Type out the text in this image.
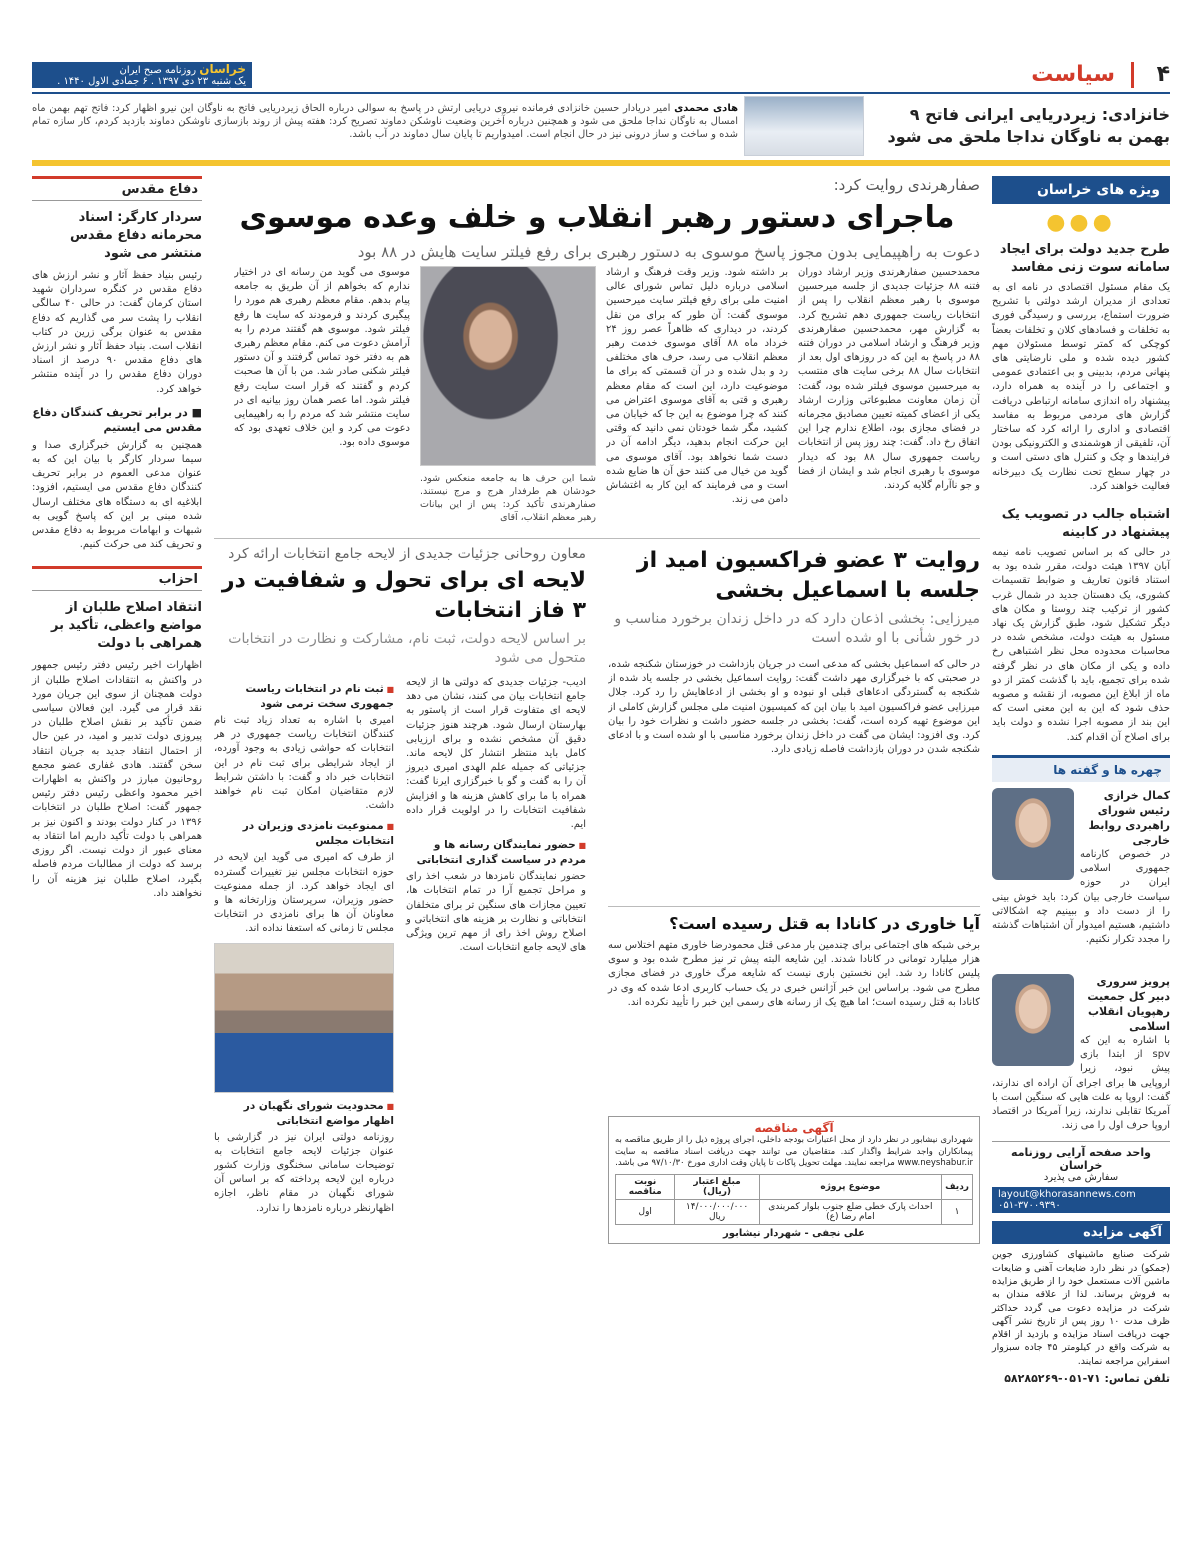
۴
سیاست
خراسان روزنامه صبح ایران
یک شنبه ۲۳ دی ۱۳۹۷ . ۶ جمادی الاول ۱۴۴۰ .
خانزادی: زیردریایی ایرانی فاتح ۹ بهمن به ناوگان نداجا ملحق می شود
هادی محمدی امیر دریادار حسین خانزادی فرمانده نیروی دریایی ارتش در پاسخ به سوالی درباره الحاق زیردریایی فاتح به ناوگان این نیرو اظهار کرد: فاتح تهم بهمن ماه امسال به ناوگان نداجا ملحق می شود و همچنین درباره آخرین وضعیت ناوشکن دماوند تصریح کرد: هفته پیش از روند بازسازی ناوشکن دماوند بازدید کردم، کار سازه تمام شده و ساخت و ساز درونی نیز در حال انجام است. امیدواریم تا پایان سال دماوند در آب باشد.
ویژه های خراسان
●●●
طرح جدید دولت برای ایجاد سامانه سوت زنی مفاسد
یک مقام مسئول اقتصادی در نامه ای به تعدادی از مدیران ارشد دولتی با تشریح ضرورت استماع، بررسی و رسیدگی فوری به تخلفات و فسادهای کلان و تخلفات بعضاً کوچکی که کمتر توسط مسئولان مهم کشور دیده شده و ملی نارضایتی های پنهانی مردم، بدبینی و بی اعتمادی عمومی و اجتماعی را در آینده به همراه دارد، پیشنهاد راه اندازی سامانه ارتباطی دریافت گزارش های مردمی مربوط به مفاسد اقتصادی و اداری را ارائه کرد که ساختار آن، تلفیقی از هوشمندی و الکترونیکی بودن فرایندها و چک و کنترل های دستی است و در چهار سطح تحت نظارت یک دبیرخانه فعالیت خواهند کرد.
اشتباه جالب در تصویب یک پیشنهاد در کابینه
در حالی که بر اساس تصویب نامه نیمه آبان ۱۳۹۷ هیئت دولت، مقرر شده بود به استناد قانون تعاریف و ضوابط تقسیمات کشوری، یک دهستان جدید در شمال غرب کشور از ترکیب چند روستا و مکان های دیگر تشکیل شود، طبق گزارش یک نهاد مسئول به هیئت دولت، مشخص شده در محاسبات محدوده محل نظر اشتباهی رخ داده و یکی از مکان های در نظر گرفته شده برای تجمیع، باید با گذشت کمتر از دو ماه از ابلاغ این مصوبه، از نقشه و مصوبه حذف شود که این به این معنی است که این بند از مصوبه اجرا نشده و دولت باید برای اصلاح آن اقدام کند.
چهره ها و گفته ها
کمال خرازی رئیس شورای راهبردی روابط خارجی
در خصوص کارنامه جمهوری اسلامی ایران در حوزه سیاست خارجی بیان کرد: باید خوش بینی را از دست داد و ببینیم چه اشکالاتی داشتیم، هستیم امیدوار آن اشتباهات گذشته را مجدد تکرار نکنیم.
پرویز سروری دبیر کل جمعیت رهپویان انقلاب اسلامی
با اشاره به این که spv از ابتدا بازی پیش نبود، زیرا اروپایی ها برای اجرای آن اراده ای ندارند، گفت: اروپا به علت هایی که سنگین است با آمریکا تقابلی ندارند، زیرا آمریکا در اقتصاد اروپا حرف اول را می زند.
واحد صفحه آرایی روزنامه خراسان
سفارش می پذیرد
layout@khorasannews.com ۰۵۱-۳۷۰۰۹۳۹۰
آگهی مزایده
شرکت صنایع ماشینهای کشاورزی جوین (جمکو) در نظر دارد ضایعات آهنی و ضایعات ماشین آلات مستعمل خود را از طریق مزایده به فروش برساند. لذا از علاقه مندان به شرکت در مزایده دعوت می گردد حداکثر ظرف مدت ۱۰ روز پس از تاریخ نشر آگهی جهت دریافت اسناد مزایده و بازدید از اقلام به شرکت واقع در کیلومتر ۴۵ جاده سبزوار اسفراین مراجعه نمایند.
تلفن تماس: ۷۱-۰۵۱-۵۸۲۸۵۲۶۹
دفاع مقدس
سردار کارگر: اسناد محرمانه دفاع مقدس منتشر می شود
رئیس بنیاد حفظ آثار و نشر ارزش های دفاع مقدس در کنگره سرداران شهید استان کرمان گفت: در حالی ۴۰ سالگی انقلاب را پشت سر می گذاریم که دفاع مقدس به عنوان برگی زرین در کتاب انقلاب است. بنیاد حفظ آثار و نشر ارزش های دفاع مقدس ۹۰ درصد از اسناد دوران دفاع مقدس را در آینده منتشر خواهد کرد.
■ در برابر تحریف کنندگان دفاع مقدس می ایستیم
همچنین به گزارش خبرگزاری صدا و سیما سردار کارگر با بیان این که به عنوان مدعی العموم در برابر تحریف کنندگان دفاع مقدس می ایستیم، افزود: ابلاغیه ای به دستگاه های مختلف ارسال شده مبنی بر این که پاسخ گویی به شبهات و ابهامات مربوط به دفاع مقدس و تحریف کند می حرکت کنیم.
احزاب
انتقاد اصلاح طلبان از مواضع واعظی، تأکید بر همراهی با دولت
اظهارات اخیر رئیس دفتر رئیس جمهور در واکنش به انتقادات اصلاح طلبان از دولت همچنان از سوی این جریان مورد نقد قرار می گیرد. این فعالان سیاسی ضمن تأکید بر نقش اصلاح طلبان در پیروزی دولت تدبیر و امید، در عین حال از احتمال انتقاد جدید به جریان انتقاد سخن گفتند. هادی غفاری عضو مجمع روحانیون مبارز در واکنش به اظهارات اخیر محمود واعظی رئیس دفتر رئیس جمهور گفت: اصلاح طلبان در انتخابات ۱۳۹۶ در کنار دولت بودند و اکنون نیز بر همراهی با دولت تأکید داریم اما انتقاد به معنای عبور از دولت نیست. اگر روزی برسد که دولت از مطالبات مردم فاصله بگیرد، اصلاح طلبان نیز هزینه آن را نخواهند داد.
صفارهرندی روایت کرد:
ماجرای دستور رهبر انقلاب و خلف وعده موسوی
دعوت به راهپیمایی بدون مجوز پاسخ موسوی به دستور رهبری برای رفع فیلتر سایت هایش در ۸۸ بود
محمدحسین صفارهرندی وزیر ارشاد دوران فتنه ۸۸ جزئیات جدیدی از جلسه میرحسین موسوی با رهبر معظم انقلاب را پس از انتخابات ریاست جمهوری دهم تشریح کرد. به گزارش مهر، محمدحسین صفارهرندی وزیر فرهنگ و ارشاد اسلامی در دوران فتنه ۸۸ در پاسخ به این که در روزهای اول بعد از انتخابات سال ۸۸ برخی سایت های منتسب به میرحسین موسوی فیلتر شده بود، گفت: آن زمان معاونت مطبوعاتی وزارت ارشاد یکی از اعضای کمیته تعیین مصادیق مجرمانه در فضای مجازی بود، اطلاع ندارم چرا این اتفاق رخ داد. گفت: چند روز پس از انتخابات ریاست جمهوری سال ۸۸ بود که دیدار موسوی با رهبری انجام شد و ایشان از فضا و جو ناآرام گلایه کردند.
بر داشته شود. وزیر وقت فرهنگ و ارشاد اسلامی درباره دلیل تماس شورای عالی امنیت ملی برای رفع فیلتر سایت میرحسین موسوی گفت: آن طور که برای من نقل کردند، در دیداری که ظاهراً عصر روز ۲۴ خرداد ماه ۸۸ آقای موسوی خدمت رهبر معظم انقلاب می رسد، حرف های مختلفی رد و بدل شده و در آن قسمتی که برای ما موضوعیت دارد، این است که مقام معظم رهبری و قتی به آقای موسوی اعتراض می کنند که چرا موضوع به این جا که خیابان می کشید، مگر شما خودتان نمی دانید که وقتی این حرکت انجام بدهید، دیگر ادامه آن در دست شما نخواهد بود. آقای موسوی می گوید من خیال می کنند حق آن ها ضایع شده است و می فرمایند که این کار به اغتشاش دامن می زند.
شما این حرف ها به جامعه منعکس شود. خودشان هم طرفدار هرج و مرج نیستند. صفارهرندی تأکید کرد: پس از این بیانات رهبر معظم انقلاب، آقای
موسوی می گوید من رسانه ای در اختیار ندارم که بخواهم از آن طریق به جامعه پیام بدهم. مقام معظم رهبری هم مورد را پیگیری کردند و فرمودند که سایت ها رفع فیلتر شود. موسوی هم گفتند مردم را به آرامش دعوت می کنم. مقام معظم رهبری هم به دفتر خود تماس گرفتند و آن دستور فیلتر شکنی صادر شد. من با آن ها صحبت کردم و گفتند که قرار است سایت رفع فیلتر شود. اما عصر همان روز بیانیه ای در سایت منتشر شد که مردم را به راهپیمایی دعوت می کرد و این خلاف تعهدی بود که موسوی داده بود.
روایت ۳ عضو فراکسیون امید از جلسه با اسماعیل بخشی
میرزایی: بخشی اذعان دارد که در داخل زندان برخورد مناسب و در خور شأنی با او شده است
در حالی که اسماعیل بخشی که مدعی است در جریان بازداشت در خوزستان شکنجه شده، در صحبتی که با خبرگزاری مهر داشت گفت: روایت اسماعیل بخشی در جلسه یاد شده از شکنجه به گستردگی ادعاهای قبلی او نبوده و او بخشی از ادعاهایش را رد کرد. جلال میرزایی عضو فراکسیون امید با بیان این که کمیسیون امنیت ملی مجلس گزارش کاملی از این موضوع تهیه کرده است، گفت: بخشی در جلسه حضور داشت و نظرات خود را بیان کرد. وی افزود: ایشان می گفت در داخل زندان برخورد مناسبی با او شده است و با ادعای شکنجه شدن در دوران بازداشت فاصله زیادی دارد.
معاون روحانی جزئیات جدیدی از لایحه جامع انتخابات ارائه کرد
لایحه ای برای تحول و شفافیت در ۳ فاز انتخابات
بر اساس لایحه دولت، ثبت نام، مشارکت و نظارت در انتخابات متحول می شود
ادیب- جزئیات جدیدی که دولتی ها از لایحه جامع انتخابات بیان می کنند، نشان می دهد لایحه ای متفاوت قرار است از پاستور به بهارستان ارسال شود. هرچند هنوز جزئیات دقیق آن مشخص نشده و برای ارزیابی کامل باید منتظر انتشار کل لایحه ماند. جزئیاتی که جمیله علم الهدی امیری دیروز آن را به گفت و گو با خبرگزاری ایرنا گفت: همراه با ما برای کاهش هزینه ها و افزایش شفافیت انتخابات را در اولویت قرار داده ایم.
■ حضور نمایندگان رسانه ها و مردم در سیاست گذاری انتخاباتی
حضور نمایندگان نامزدها در شعب اخذ رای و مراحل تجمیع آرا در تمام انتخابات ها، تعیین مجازات های سنگین تر برای متخلفان انتخاباتی و نظارت بر هزینه های انتخاباتی و اصلاح روش اخذ رای از مهم ترین ویژگی های لایحه جامع انتخابات است.
■ ثبت نام در انتخابات ریاست جمهوری سخت ترمی شود
امیری با اشاره به تعداد زیاد ثبت نام کنندگان انتخابات ریاست جمهوری در هر انتخابات که حواشی زیادی به وجود آورده، از ایجاد شرایطی برای ثبت نام در این انتخابات خبر داد و گفت: با داشتن شرایط لازم متقاضیان امکان ثبت نام خواهند داشت.
■ ممنوعیت نامزدی وزیران در انتخابات مجلس
از طرف که امیری می گوید این لایحه در حوزه انتخابات مجلس نیز تغییرات گسترده ای ایجاد خواهد کرد. از جمله ممنوعیت حضور وزیران، سرپرستان وزارتخانه ها و معاونان آن ها برای نامزدی در انتخابات مجلس تا زمانی که استعفا نداده اند.
■ محدودیت شورای نگهبان در اظهار مواضع انتخاباتی
روزنامه دولتی ایران نیز در گزارشی با عنوان جزئیات لایحه جامع انتخابات به توضیحات سامانی سخنگوی وزارت کشور درباره این لایحه پرداخته که بر اساس آن شورای نگهبان در مقام ناظر، اجازه اظهارنظر درباره نامزدها را ندارد.
آیا خاوری در کانادا به قتل رسیده است؟
برخی شبکه های اجتماعی برای چندمین بار مدعی قتل محمودرضا خاوری متهم اختلاس سه هزار میلیارد تومانی در کانادا شدند. این شایعه البته پیش تر نیز مطرح شده بود و سوی پلیس کانادا رد شد. این نخستین باری نیست که شایعه مرگ خاوری در فضای مجازی مطرح می شود. براساس این خبر آژانس خبری در یک حساب کاربری ادعا شده که وی در کانادا به قتل رسیده است؛ اما هیچ یک از رسانه های رسمی این خبر را تأیید نکرده اند.
آگهی مناقصه
شهرداری نیشابور در نظر دارد از محل اعتبارات بودجه داخلی، اجرای پروژه ذیل را از طریق مناقصه به پیمانکاران واجد شرایط واگذار کند. متقاضیان می توانند جهت دریافت اسناد مناقصه به سایت www.neyshabur.ir مراجعه نمایند. مهلت تحویل پاکات تا پایان وقت اداری مورخ ۹۷/۱۰/۳۰ می باشد.
ردیف	موضوع پروژه	مبلغ اعتبار (ریال)	نوبت مناقصه
۱	احداث پارک خطی ضلع جنوب بلوار کمربندی امام رضا (ع)	۱۴/۰۰۰/۰۰۰/۰۰۰ ریال	اول
علی نجفی - شهردار نیشابور
